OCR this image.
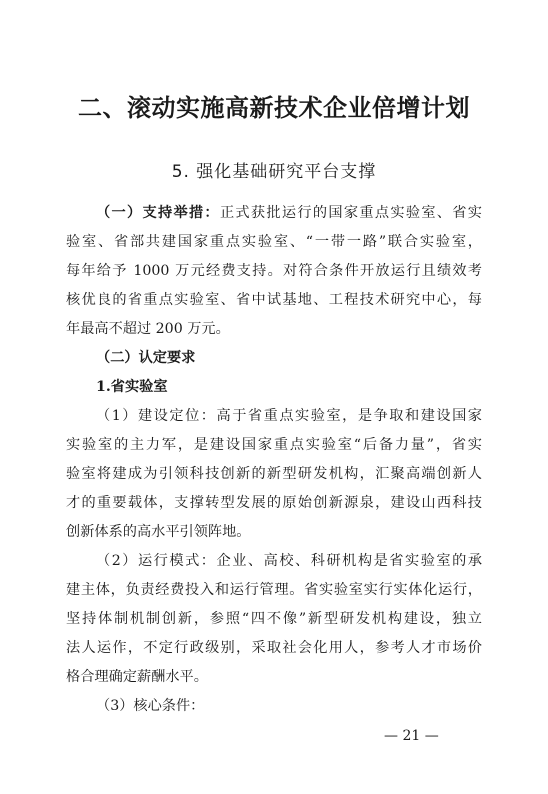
二、滚动实施高新技术企业倍增计划
5. 强化基础研究平台支撑
（一）支持举措：正式获批运行的国家重点实验室、省实
验室、省部共建国家重点实验室、“一带一路”联合实验室，
每年给予 1000 万元经费支持。对符合条件开放运行且绩效考
核优良的省重点实验室、省中试基地、工程技术研究中心，每
年最高不超过 200 万元。
（二）认定要求
1.省实验室
（1）建设定位：高于省重点实验室，是争取和建设国家
实验室的主力军，是建设国家重点实验室“后备力量”，省实
验室将建成为引领科技创新的新型研发机构，汇聚高端创新人
才的重要载体，支撑转型发展的原始创新源泉，建设山西科技
创新体系的高水平引领阵地。
（2）运行模式：企业、高校、科研机构是省实验室的承
建主体，负责经费投入和运行管理。省实验室实行实体化运行，
坚持体制机制创新，参照“四不像”新型研发机构建设，独立
法人运作，不定行政级别，采取社会化用人，参考人才市场价
格合理确定薪酬水平。
（3）核心条件：
— 21 —
